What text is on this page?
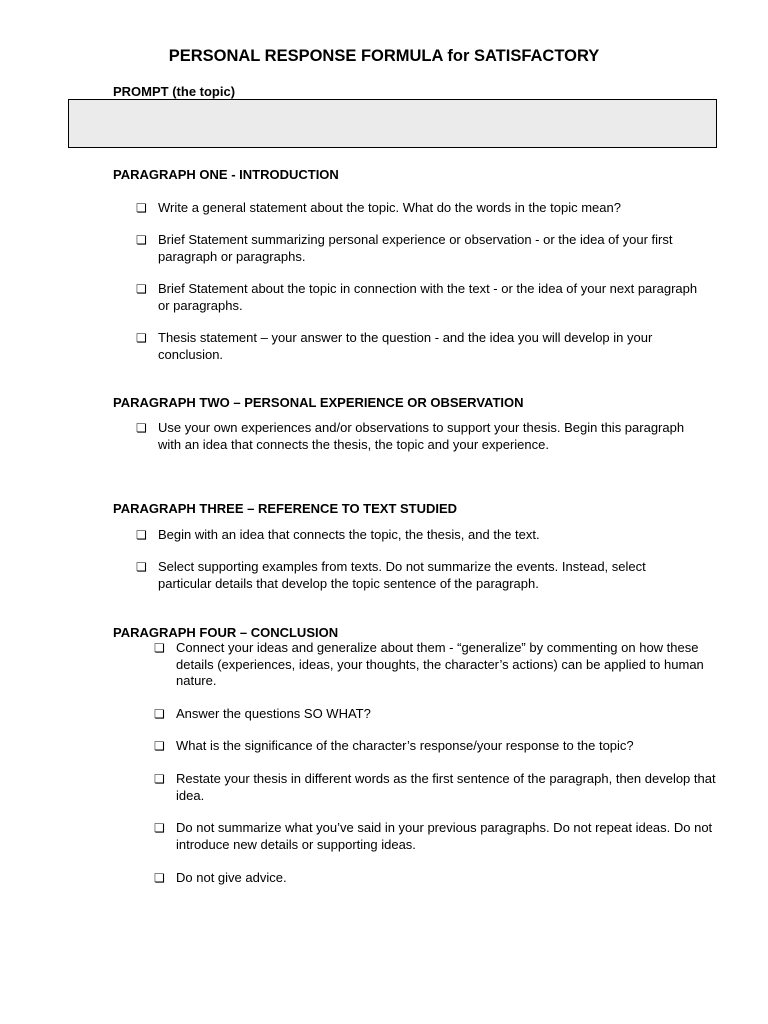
PERSONAL RESPONSE FORMULA for SATISFACTORY
PROMPT (the topic)
PARAGRAPH ONE - INTRODUCTION
❏ Write a general statement about the topic. What do the words in the topic mean?
❏ Brief Statement summarizing personal experience or observation - or the idea of your first paragraph or paragraphs.
❏ Brief Statement about the topic in connection with the text - or the idea of your next paragraph or paragraphs.
❏ Thesis statement – your answer to the question - and the idea you will develop in your conclusion.
PARAGRAPH TWO – PERSONAL EXPERIENCE OR OBSERVATION
❏ Use your own experiences and/or observations to support your thesis. Begin this paragraph with an idea that connects the thesis, the topic and your experience.
PARAGRAPH THREE – REFERENCE TO TEXT STUDIED
❏ Begin with an idea that connects the topic, the thesis, and the text.
❏ Select supporting examples from texts. Do not summarize the events. Instead, select particular details that develop the topic sentence of the paragraph.
PARAGRAPH FOUR – CONCLUSION
❏ Connect your ideas and generalize about them - “generalize” by commenting on how these details (experiences, ideas, your thoughts, the character’s actions) can be applied to human nature.
❏ Answer the questions SO WHAT?
❏ What is the significance of the character’s response/your response to the topic?
❏ Restate your thesis in different words as the first sentence of the paragraph, then develop that idea.
❏ Do not summarize what you’ve said in your previous paragraphs. Do not repeat ideas. Do not introduce new details or supporting ideas.
❏ Do not give advice.
